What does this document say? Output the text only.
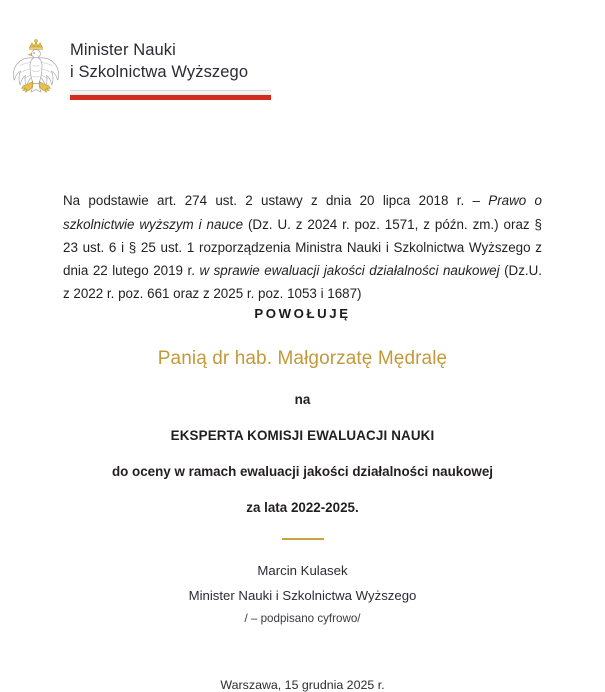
Minister Nauki
i Szkolnictwa Wyższego

Na podstawie art. 274 ust. 2 ustawy z dnia 20 lipca 2018 r. – Prawo o szkolnictwie wyższym i nauce (Dz. U. z 2024 r. poz. 1571, z późn. zm.) oraz § 23 ust. 6 i § 25 ust. 1 rozporządzenia Ministra Nauki i Szkolnictwa Wyższego z dnia 22 lutego 2019 r. w sprawie ewaluacji jakości działalności naukowej (Dz.U. z 2022 r. poz. 661 oraz z 2025 r. poz. 1053 i 1687)

POWOŁUJĘ
Panią dr hab. Małgorzatę Mędralę
na
EKSPERTA KOMISJI EWALUACJI NAUKI
do oceny w ramach ewaluacji jakości działalności naukowej
za lata 2022-2025.
Marcin Kulasek
Minister Nauki i Szkolnictwa Wyższego
/ – podpisano cyfrowo/
Warszawa, 15 grudnia 2025 r.
